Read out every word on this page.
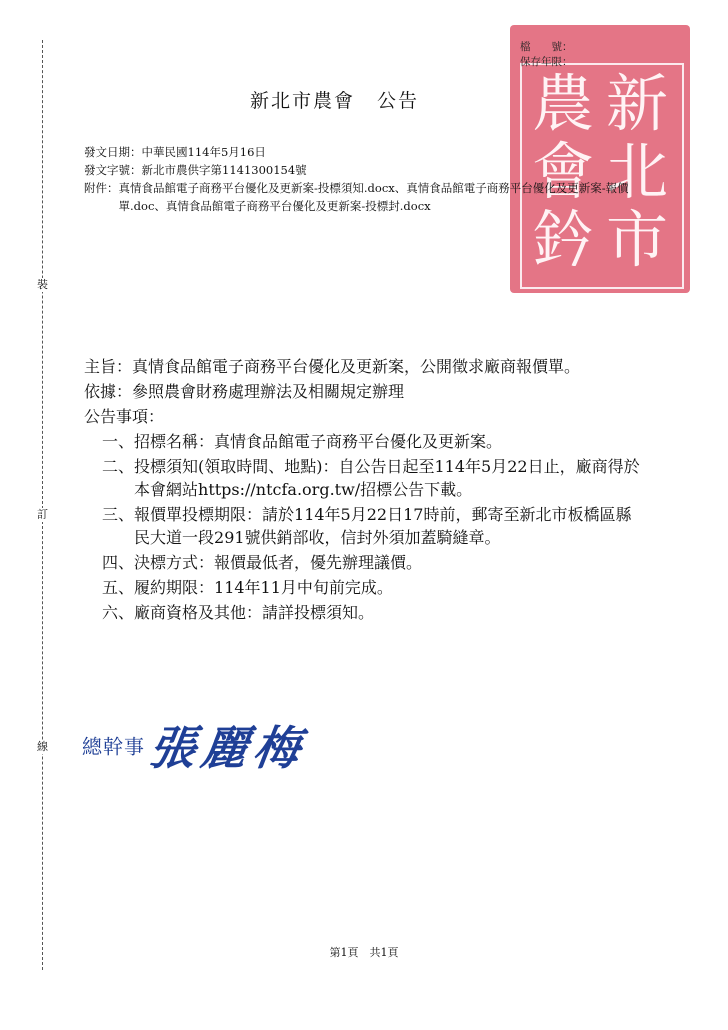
裝
訂
線
新
北
市
農
會
鈐
檔　　號：
保存年限：
新北市農會 公告
發文日期： 中華民國114年5月16日
發文字號： 新北市農供字第1141300154號
附件： 真情食品館電子商務平台優化及更新案-投標須知.docx、真情食品館電子商務平台優化及更新案-報價單.doc、真情食品館電子商務平台優化及更新案-投標封.docx
主旨： 真情食品館電子商務平台優化及更新案，公開徵求廠商報價單。
依據： 參照農會財務處理辦法及相關規定辦理
公告事項：
一、 招標名稱：真情食品館電子商務平台優化及更新案。
二、 投標須知(領取時間、地點)：自公告日起至114年5月22日止，廠商得於本會網站https://ntcfa.org.tw/招標公告下載。
三、 報價單投標期限：請於114年5月22日17時前，郵寄至新北市板橋區縣民大道一段291號供銷部收，信封外須加蓋騎縫章。
四、 決標方式：報價最低者，優先辦理議價。
五、 履約期限：114年11月中旬前完成。
六、 廠商資格及其他：請詳投標須知。
總幹事 張麗梅
第1頁　共1頁
